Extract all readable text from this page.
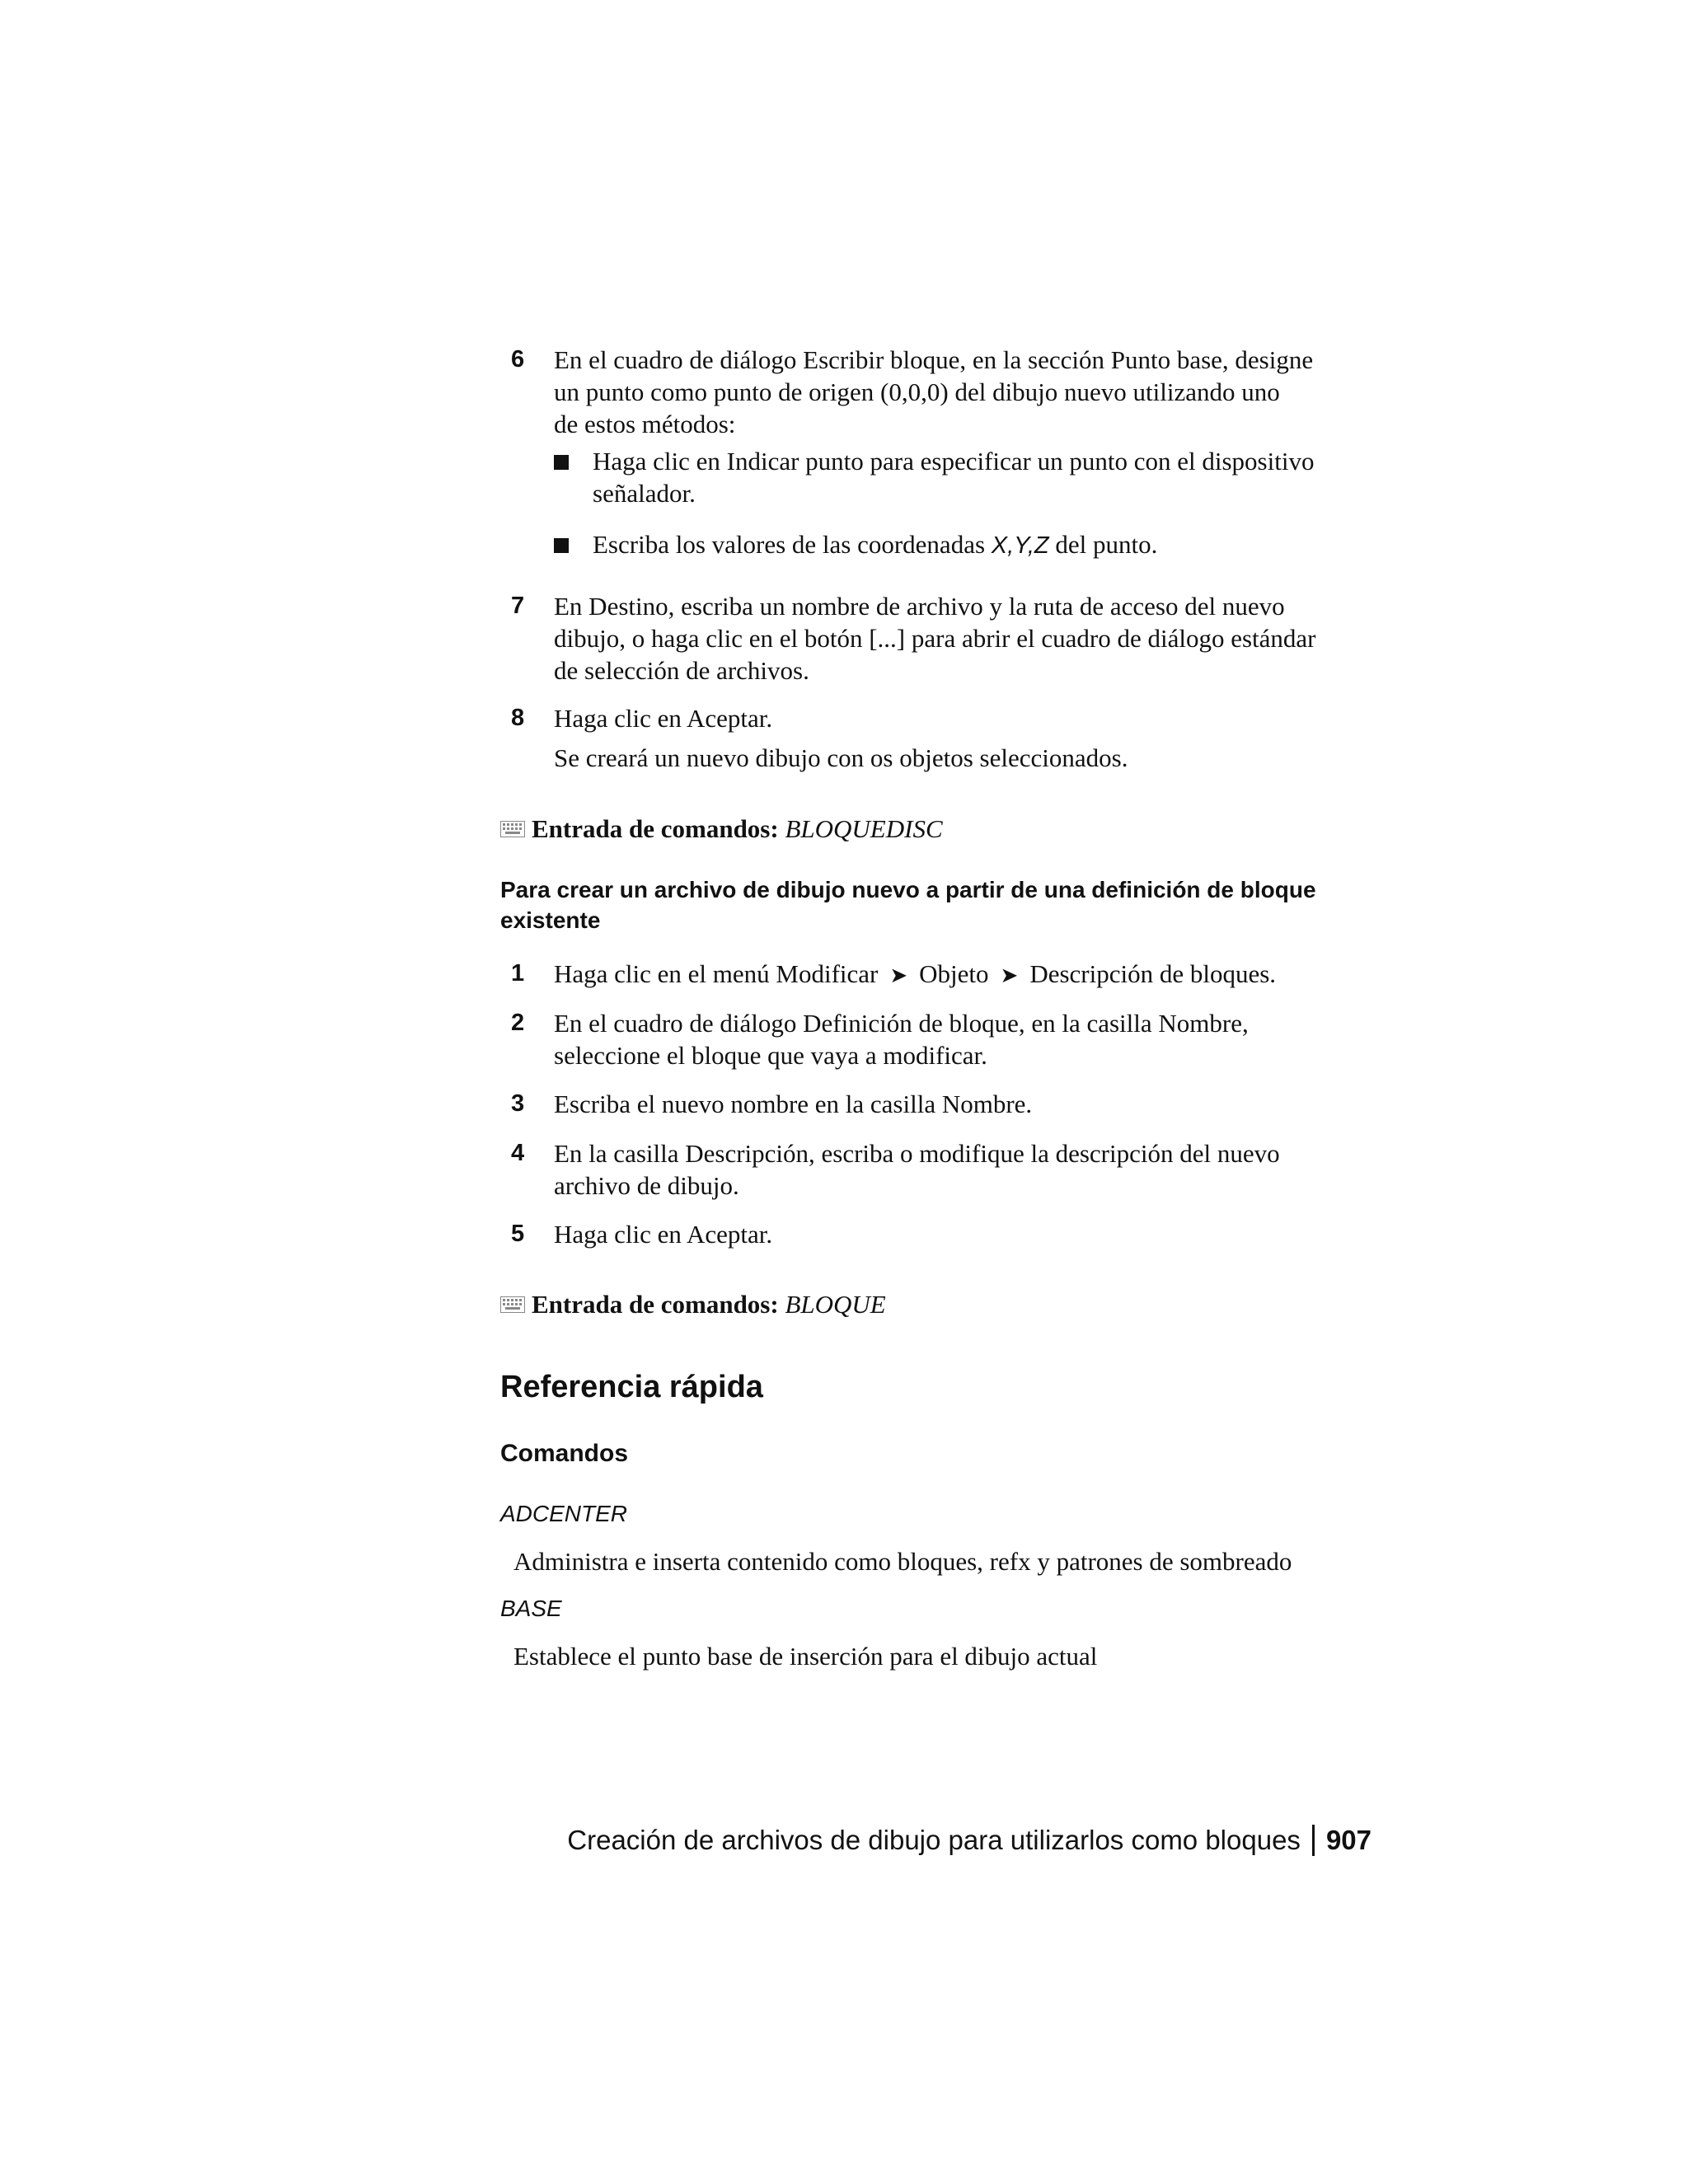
6 En el cuadro de diálogo Escribir bloque, en la sección Punto base, designe

un punto como punto de origen (0,0,0) del dibujo nuevo utilizando uno

de estos métodos:

Haga clic en Indicar punto para especificar un punto con el dispositivo
señalador.
Escriba los valores de las coordenadas X,Y,Z del punto.
7 En Destino, escriba un nombre de archivo y la ruta de acceso del nuevo

dibujo, o haga clic en el botón [...] para abrir el cuadro de diálogo estándar

de selección de archivos.

8 Haga clic en Aceptar.

Se creará un nuevo dibujo con os objetos seleccionados.

Entrada de comandos: BLOQUEDISC
Para crear un archivo de dibujo nuevo a partir de una definición de bloque
existente
1 Haga clic en el menú Modificar ➤ Objeto ➤ Descripción de bloques.

2 En el cuadro de diálogo Definición de bloque, en la casilla Nombre,

seleccione el bloque que vaya a modificar.

3 Escriba el nuevo nombre en la casilla Nombre.

4 En la casilla Descripción, escriba o modifique la descripción del nuevo

archivo de dibujo.

5 Haga clic en Aceptar.

Entrada de comandos: BLOQUE
Referencia rápida
Comandos
ADCENTER
Administra e inserta contenido como bloques, refx y patrones de sombreado
BASE
Establece el punto base de inserción para el dibujo actual
Creación de archivos de dibujo para utilizarlos como bloques 907
